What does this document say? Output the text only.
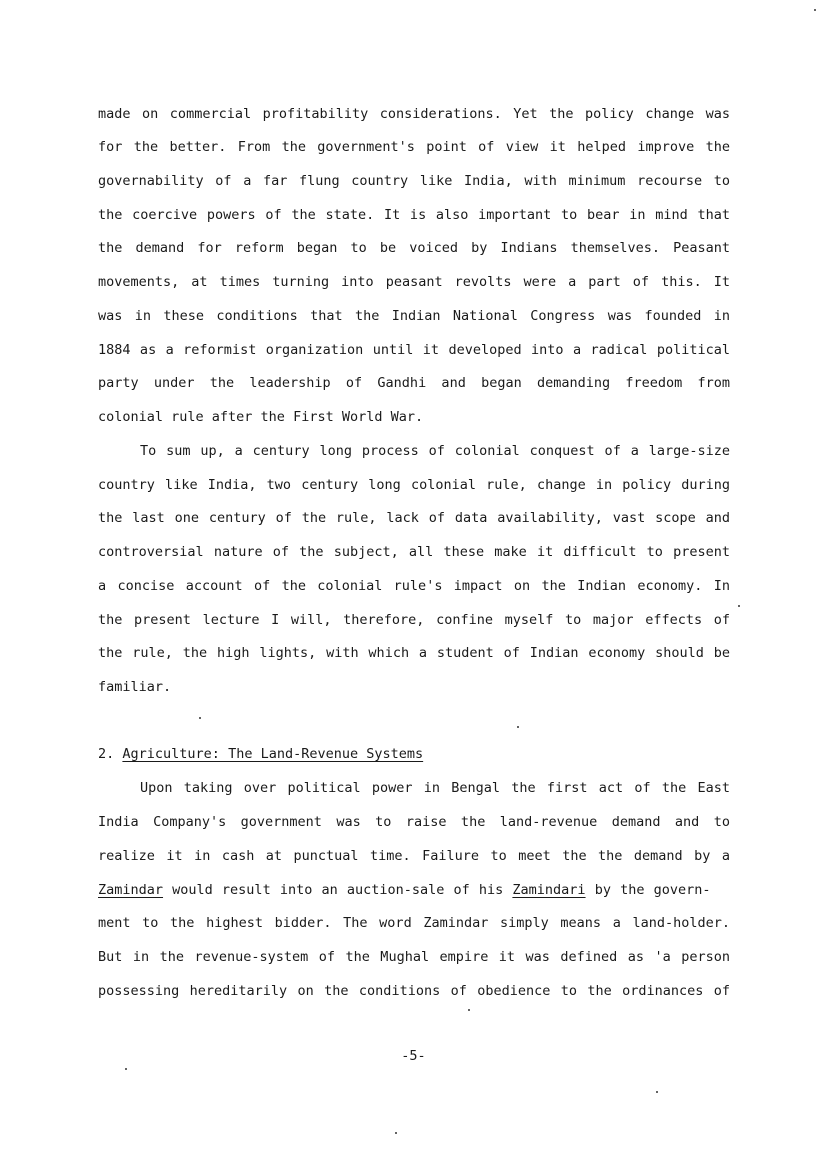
made on commercial profitability considerations. Yet the policy change was
for the better. From the government's point of view it helped improve the
governability of a far flung country like India, with minimum recourse to
the coercive powers of the state. It is also important to bear in mind that
the demand for reform began to be voiced by Indians themselves. Peasant
movements, at times turning into peasant revolts were a part of this. It
was in these conditions that the Indian National Congress was founded in
1884 as a reformist organization until it developed into a radical political
party under the leadership of Gandhi and began demanding freedom from
colonial rule after the First World War.
To sum up, a century long process of colonial conquest of a large-size
country like India, two century long colonial rule, change in policy during
the last one century of the rule, lack of data availability, vast scope and
controversial nature of the subject, all these make it difficult to present
a concise account of the colonial rule's impact on the Indian economy. In
the present lecture I will, therefore, confine myself to major effects of
the rule, the high lights, with which a student of Indian economy should be
familiar.
2. Agriculture: The Land-Revenue Systems
Upon taking over political power in Bengal the first act of the East
India Company's government was to raise the land-revenue demand and to
realize it in cash at punctual time. Failure to meet the the demand by a
Zamindar would result into an auction-sale of his Zamindari by the govern-
ment to the highest bidder. The word Zamindar simply means a land-holder.
But in the revenue-system of the Mughal empire it was defined as 'a person
possessing hereditarily on the conditions of obedience to the ordinances of
-5-
